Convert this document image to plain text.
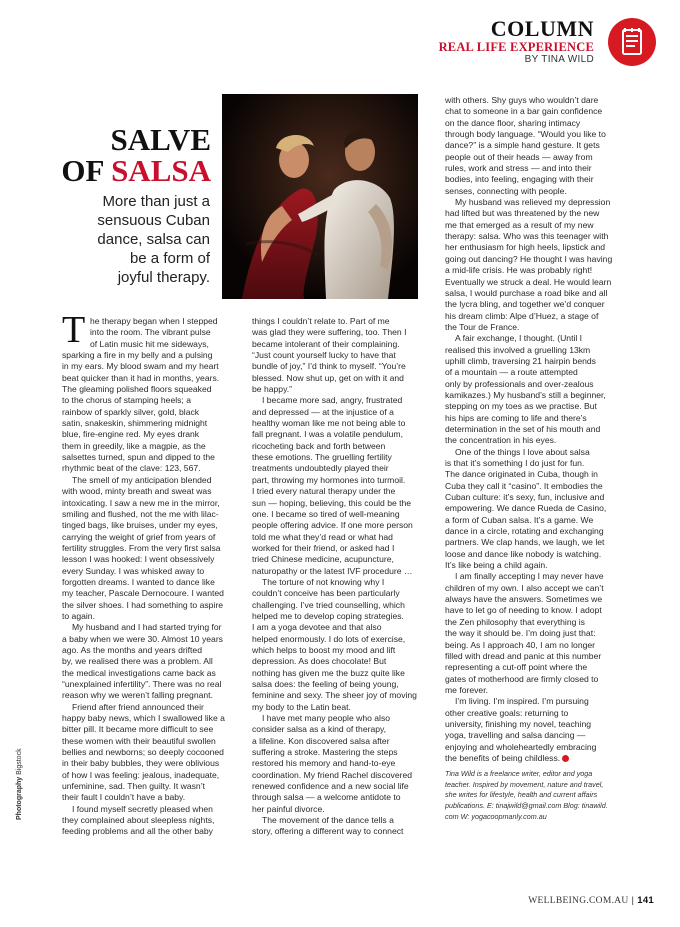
COLUMN
REAL LIFE EXPERIENCE
BY TINA WILD
SALVE
OF SALSA
More than just a
sensuous Cuban
dance, salsa can
be a form of
joyful therapy.
T he therapy began when I stepped
into the room. The vibrant pulse
of Latin music hit me sideways,
sparking a fire in my belly and a pulsing
in my ears. My blood swam and my heart
beat quicker than it had in months, years.
The gleaming polished floors squeaked
to the chorus of stamping heels; a
rainbow of sparkly silver, gold, black
satin, snakeskin, shimmering midnight
blue, fire-engine red. My eyes drank
them in greedily, like a magpie, as the
salsettes turned, spun and dipped to the
rhythmic beat of the clave: 123, 567.
The smell of my anticipation blended
with wood, minty breath and sweat was
intoxicating. I saw a new me in the mirror,
smiling and flushed, not the me with lilac-
tinged bags, like bruises, under my eyes,
carrying the weight of grief from years of
fertility struggles. From the very first salsa
lesson I was hooked: I went obsessively
every Sunday. I was whisked away to
forgotten dreams. I wanted to dance like
my teacher, Pascale Dernocoure. I wanted
the silver shoes. I had something to aspire
to again.
My husband and I had started trying for
a baby when we were 30. Almost 10 years
ago. As the months and years drifted
by, we realised there was a problem. All
the medical investigations came back as
“unexplained infertility”. There was no real
reason why we weren’t falling pregnant.
Friend after friend announced their
happy baby news, which I swallowed like a
bitter pill. It became more difficult to see
these women with their beautiful swollen
bellies and newborns; so deeply cocooned
in their baby bubbles, they were oblivious
of how I was feeling: jealous, inadequate,
unfeminine, sad. Then guilty. It wasn’t
their fault I couldn’t have a baby.
I found myself secretly pleased when
they complained about sleepless nights,
feeding problems and all the other baby
things I couldn’t relate to. Part of me
was glad they were suffering, too. Then I
became intolerant of their complaining.
“Just count yourself lucky to have that
bundle of joy,” I’d think to myself. “You’re
blessed. Now shut up, get on with it and
be happy.”
I became more sad, angry, frustrated
and depressed — at the injustice of a
healthy woman like me not being able to
fall pregnant. I was a volatile pendulum,
ricocheting back and forth between
these emotions. The gruelling fertility
treatments undoubtedly played their
part, throwing my hormones into turmoil.
I tried every natural therapy under the
sun — hoping, believing, this could be the
one. I became so tired of well-meaning
people offering advice. If one more person
told me what they’d read or what had
worked for their friend, or asked had I
tried Chinese medicine, acupuncture,
naturopathy or the latest IVF procedure …
The torture of not knowing why I
couldn’t conceive has been particularly
challenging. I’ve tried counselling, which
helped me to develop coping strategies.
I am a yoga devotee and that also
helped enormously. I do lots of exercise,
which helps to boost my mood and lift
depression. As does chocolate! But
nothing has given me the buzz quite like
salsa does: the feeling of being young,
feminine and sexy. The sheer joy of moving
my body to the Latin beat.
I have met many people who also
consider salsa as a kind of therapy,
a lifeline. Kon discovered salsa after
suffering a stroke. Mastering the steps
restored his memory and hand-to-eye
coordination. My friend Rachel discovered
renewed confidence and a new social life
through salsa — a welcome antidote to
her painful divorce.
The movement of the dance tells a
story, offering a different way to connect
with others. Shy guys who wouldn’t dare
chat to someone in a bar gain confidence
on the dance floor, sharing intimacy
through body language. “Would you like to
dance?” is a simple hand gesture. It gets
people out of their heads — away from
rules, work and stress — and into their
bodies, into feeling, engaging with their
senses, connecting with people.
My husband was relieved my depression
had lifted but was threatened by the new
me that emerged as a result of my new
therapy: salsa. Who was this teenager with
her enthusiasm for high heels, lipstick and
going out dancing? He thought I was having
a mid-life crisis. He was probably right!
Eventually we struck a deal. He would learn
salsa, I would purchase a road bike and all
the lycra bling, and together we’d conquer
his dream climb: Alpe d’Huez, a stage of
the Tour de France.
A fair exchange, I thought. (Until I
realised this involved a gruelling 13km
uphill climb, traversing 21 hairpin bends
of a mountain — a route attempted
only by professionals and over-zealous
kamikazes.) My husband’s still a beginner,
stepping on my toes as we practise. But
his hips are coming to life and there’s
determination in the set of his mouth and
the concentration in his eyes.
One of the things I love about salsa
is that it’s something I do just for fun.
The dance originated in Cuba, though in
Cuba they call it “casino”. It embodies the
Cuban culture: it’s sexy, fun, inclusive and
empowering. We dance Rueda de Casino,
a form of Cuban salsa. It’s a game. We
dance in a circle, rotating and exchanging
partners. We clap hands, we laugh, we let
loose and dance like nobody is watching.
It’s like being a child again.
I am finally accepting I may never have
children of my own. I also accept we can’t
always have the answers. Sometimes we
have to let go of needing to know. I adopt
the Zen philosophy that everything is
the way it should be. I’m doing just that:
being. As I approach 40, I am no longer
filled with dread and panic at this number
representing a cut-off point where the
gates of motherhood are firmly closed to
me forever.
I’m living. I’m inspired. I’m pursuing
other creative goals: returning to
university, finishing my novel, teaching
yoga, travelling and salsa dancing —
enjoying and wholeheartedly embracing
the benefits of being childless.
Tina Wild is a freelance writer, editor and yoga
teacher. Inspired by movement, nature and travel,
she writes for lifestyle, health and current affairs
publications. E: tinajwild@gmail.com Blog: tinawild.
com W: yogacoopmanly.com.au
Photography Bigstock
WELLBEING.COM.AU | 141
